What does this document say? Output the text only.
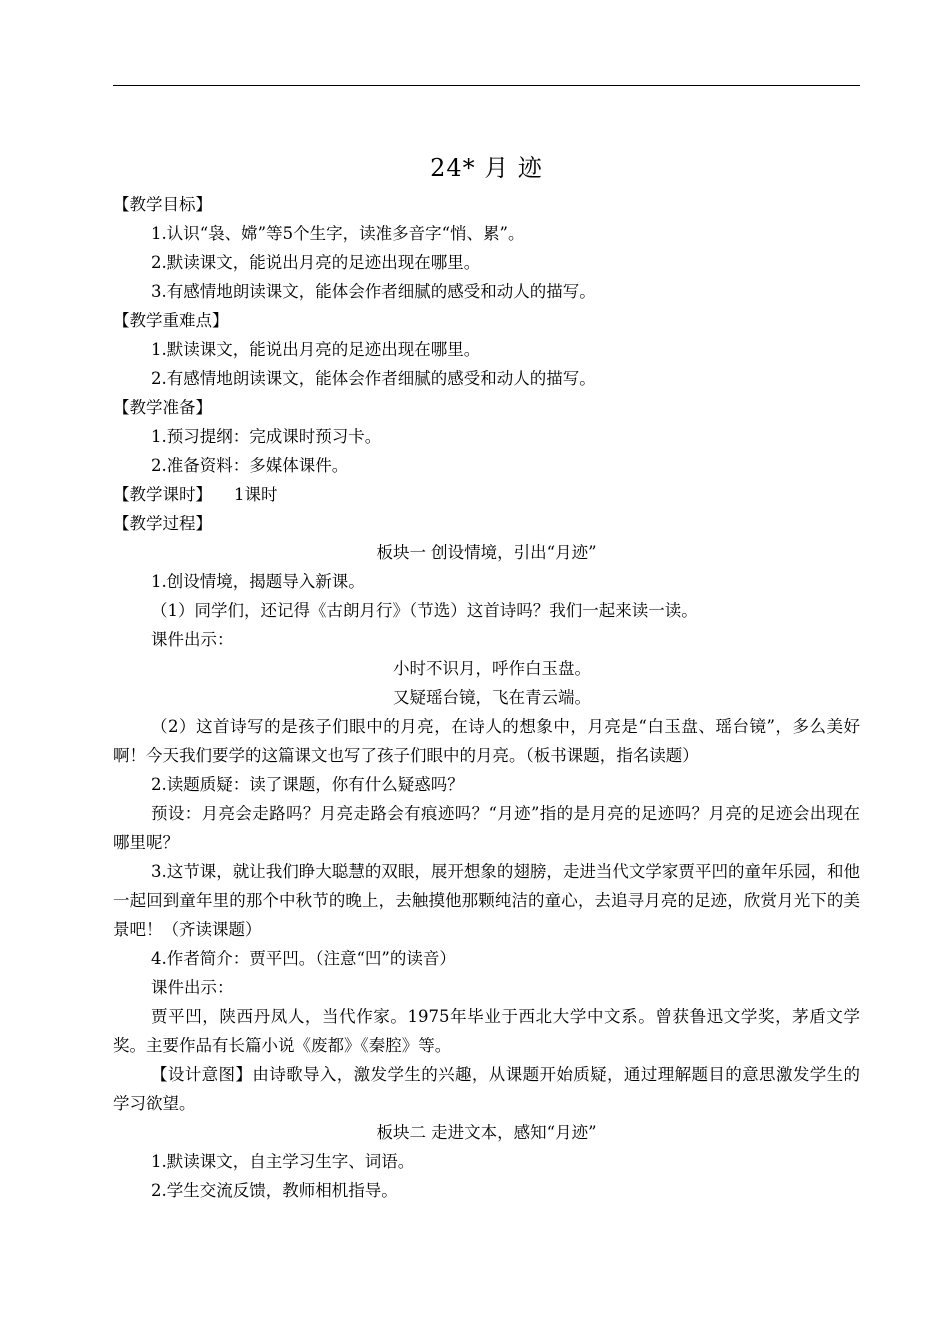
24* 月 迹
【教学目标】
1.认识“袅、嫦”等5个生字，读准多音字“悄、累”。
2.默读课文，能说出月亮的足迹出现在哪里。
3.有感情地朗读课文，能体会作者细腻的感受和动人的描写。
【教学重难点】
1.默读课文，能说出月亮的足迹出现在哪里。
2.有感情地朗读课文，能体会作者细腻的感受和动人的描写。
【教学准备】
1.预习提纲：完成课时预习卡。
2.准备资料：多媒体课件。
【教学课时】 1课时
【教学过程】
板块一 创设情境，引出“月迹”
1.创设情境，揭题导入新课。
（1）同学们，还记得《古朗月行》（节选）这首诗吗？我们一起来读一读。
课件出示：
小时不识月，呼作白玉盘。
又疑瑶台镜，飞在青云端。
（2）这首诗写的是孩子们眼中的月亮，在诗人的想象中，月亮是“白玉盘、瑶台镜”，多么美好啊！今天我们要学的这篇课文也写了孩子们眼中的月亮。（板书课题，指名读题）
2.读题质疑：读了课题，你有什么疑惑吗？
预设：月亮会走路吗？月亮走路会有痕迹吗？“月迹”指的是月亮的足迹吗？月亮的足迹会出现在哪里呢？
3.这节课，就让我们睁大聪慧的双眼，展开想象的翅膀，走进当代文学家贾平凹的童年乐园，和他一起回到童年里的那个中秋节的晚上，去触摸他那颗纯洁的童心，去追寻月亮的足迹，欣赏月光下的美景吧！（齐读课题）
4.作者简介：贾平凹。（注意“凹”的读音）
课件出示：
贾平凹，陕西丹凤人，当代作家。1975年毕业于西北大学中文系。曾获鲁迅文学奖，茅盾文学奖。主要作品有长篇小说《废都》《秦腔》等。
【设计意图】由诗歌导入，激发学生的兴趣，从课题开始质疑，通过理解题目的意思激发学生的学习欲望。
板块二 走进文本，感知“月迹”
1.默读课文，自主学习生字、词语。
2.学生交流反馈，教师相机指导。
